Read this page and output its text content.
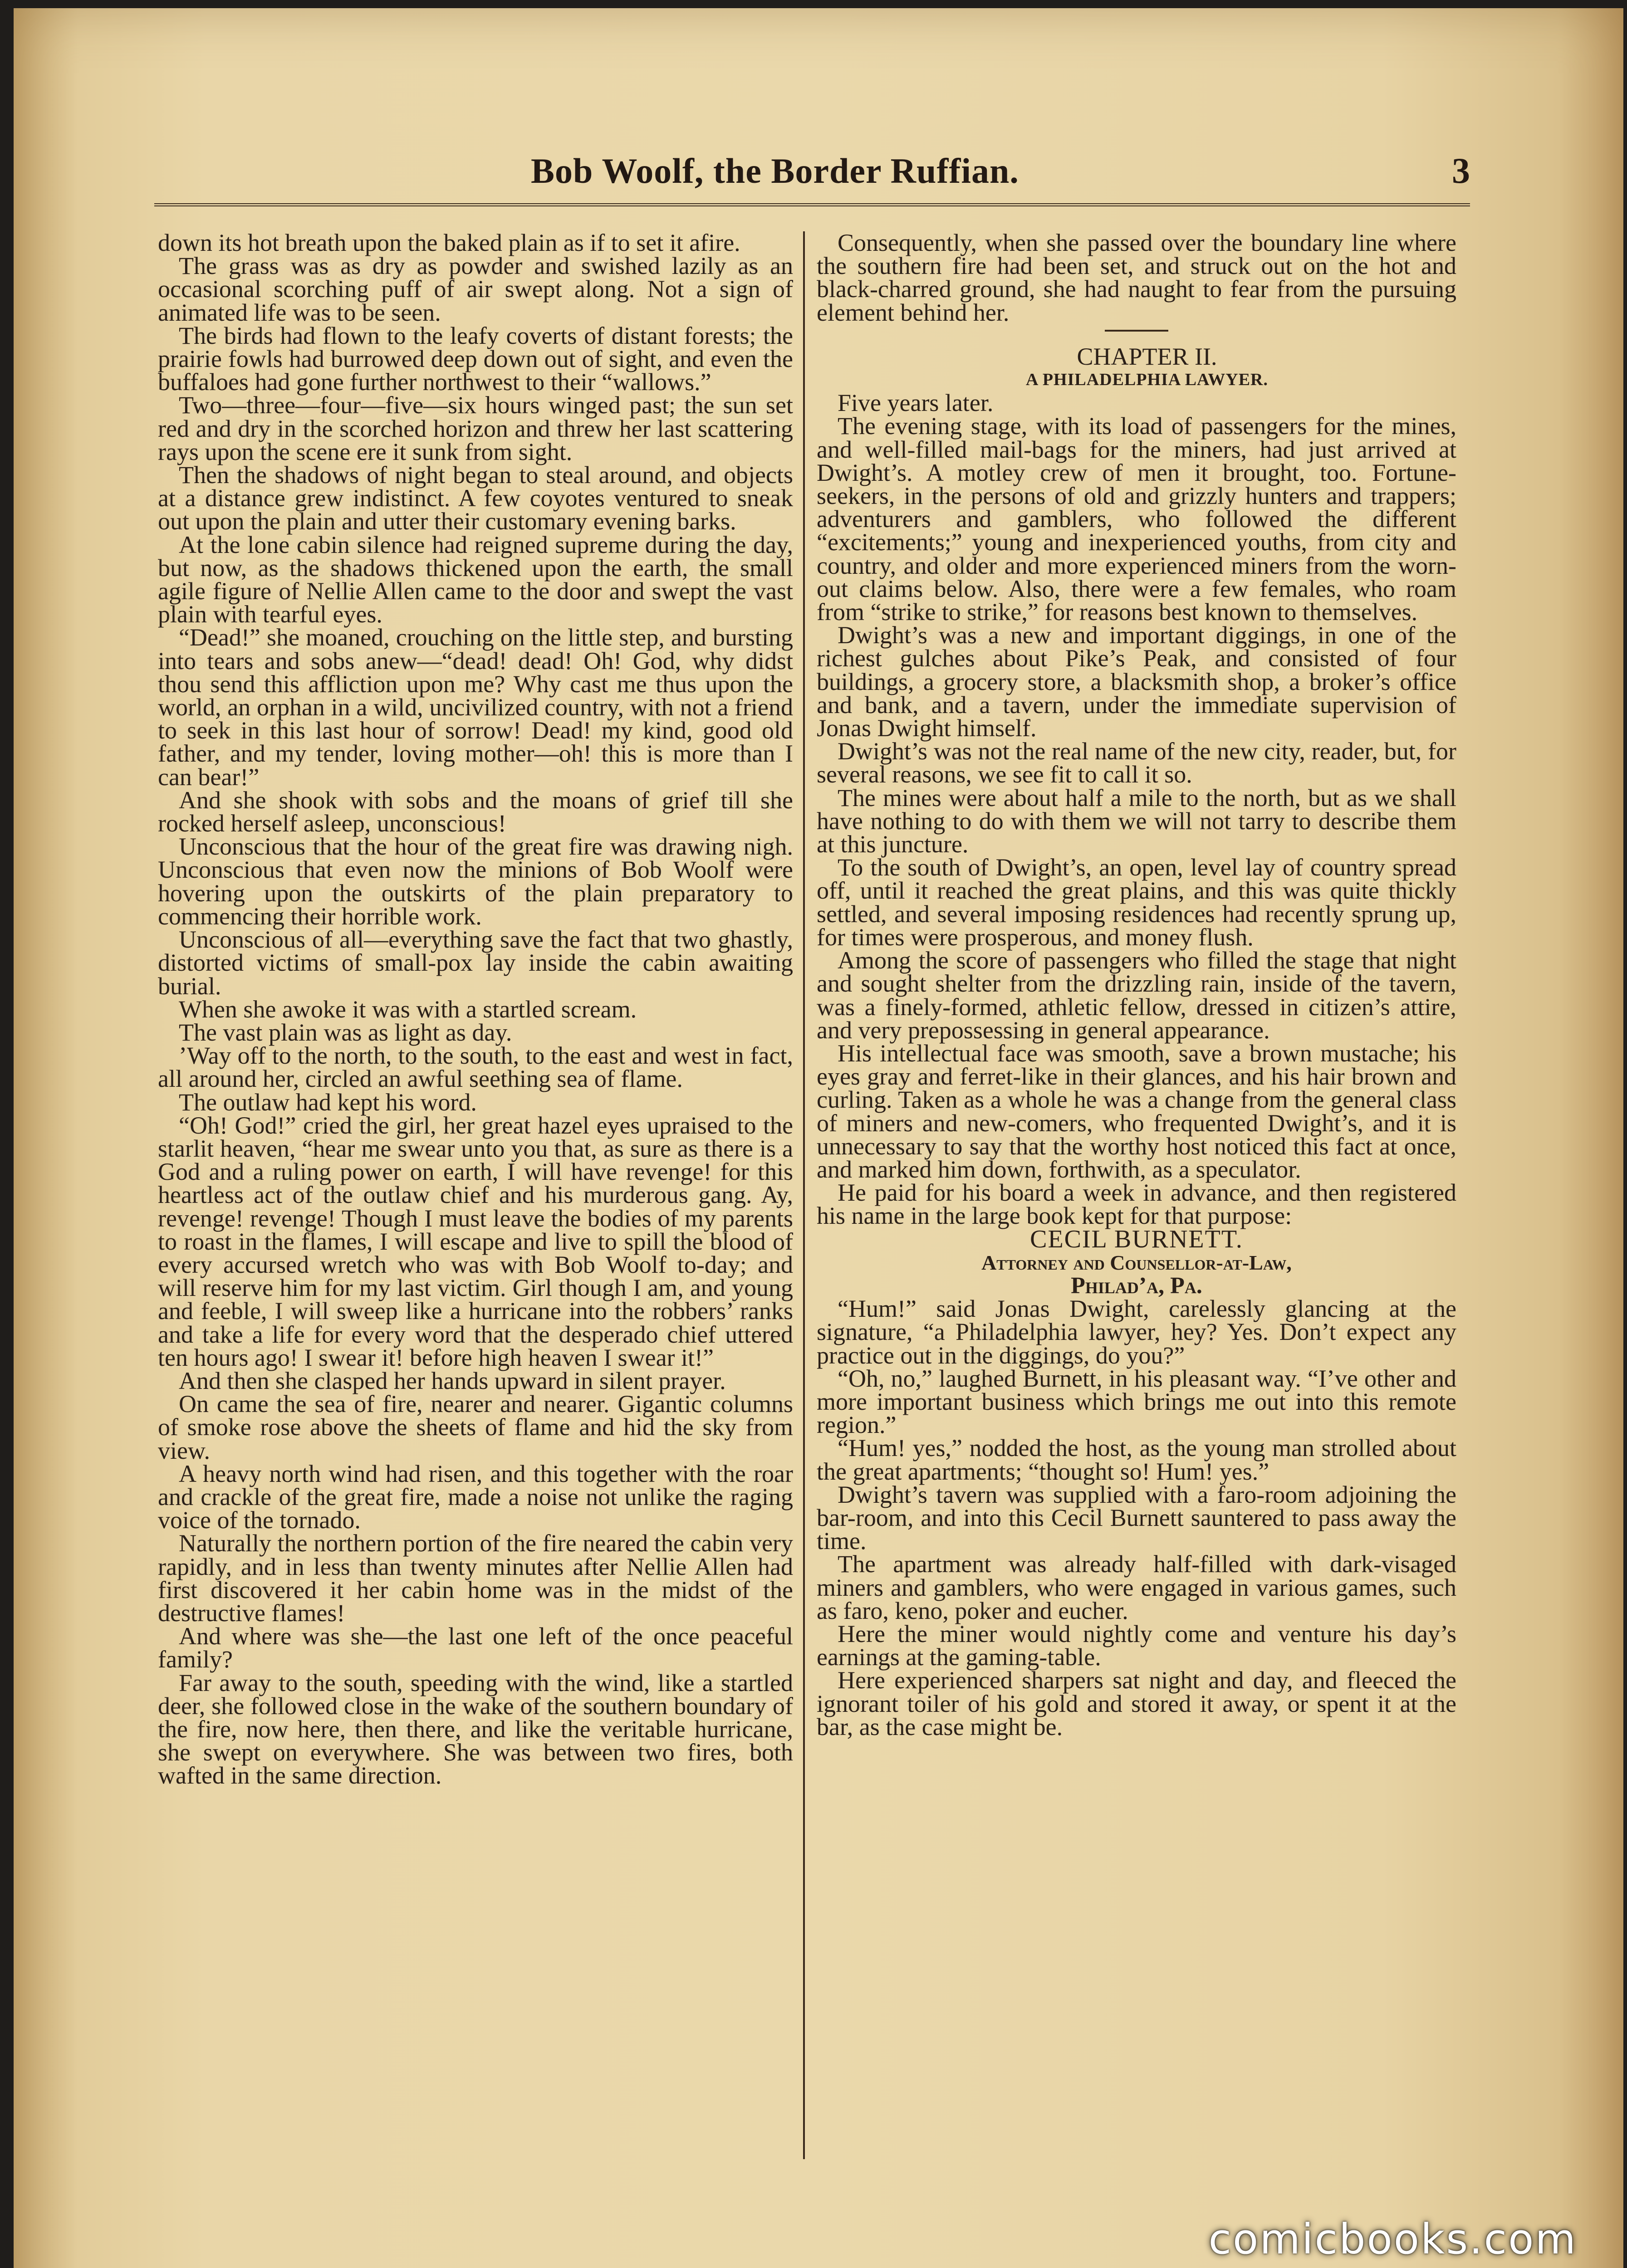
Bob Woolf, the Border Ruffian.	3

down its hot breath upon the baked plain as if to set it afire.

The grass was as dry as powder and swished lazily as an occasional scorching puff of air swept along. Not a sign of animated life was to be seen.

The birds had flown to the leafy coverts of distant forests; the prairie fowls had burrowed deep down out of sight, and even the buffaloes had gone further northwest to their “wallows.”

Two—three—four—five—six hours winged past; the sun set red and dry in the scorched horizon and threw her last scattering rays upon the scene ere it sunk from sight.

Then the shadows of night began to steal around, and objects at a distance grew indistinct. A few coyotes ventured to sneak out upon the plain and utter their customary evening barks.

At the lone cabin silence had reigned supreme during the day, but now, as the shadows thickened upon the earth, the small agile figure of Nellie Allen came to the door and swept the vast plain with tearful eyes.

“Dead!” she moaned, crouching on the little step, and bursting into tears and sobs anew—“dead! dead! Oh! God, why didst thou send this affliction upon me? Why cast me thus upon the world, an orphan in a wild, uncivilized country, with not a friend to seek in this last hour of sorrow! Dead! my kind, good old father, and my tender, loving mother—oh! this is more than I can bear!”

And she shook with sobs and the moans of grief till she rocked herself asleep, unconscious!

Unconscious that the hour of the great fire was drawing nigh. Unconscious that even now the minions of Bob Woolf were hovering upon the outskirts of the plain preparatory to commencing their horrible work.

Unconscious of all—everything save the fact that two ghastly, distorted victims of small-pox lay inside the cabin awaiting burial.

When she awoke it was with a startled scream.

The vast plain was as light as day.

’Way off to the north, to the south, to the east and west in fact, all around her, circled an awful seething sea of flame.

The outlaw had kept his word.

“Oh! God!” cried the girl, her great hazel eyes upraised to the starlit heaven, “hear me swear unto you that, as sure as there is a God and a ruling power on earth, I will have revenge! for this heartless act of the outlaw chief and his murderous gang. Ay, revenge! revenge! Though I must leave the bodies of my parents to roast in the flames, I will escape and live to spill the blood of every accursed wretch who was with Bob Woolf to-day; and will reserve him for my last victim. Girl though I am, and young and feeble, I will sweep like a hurricane into the robbers’ ranks and take a life for every word that the desperado chief uttered ten hours ago! I swear it! before high heaven I swear it!”

And then she clasped her hands upward in silent prayer.

On came the sea of fire, nearer and nearer. Gigantic columns of smoke rose above the sheets of flame and hid the sky from view.

A heavy north wind had risen, and this together with the roar and crackle of the great fire, made a noise not unlike the raging voice of the tornado.

Naturally the northern portion of the fire neared the cabin very rapidly, and in less than twenty minutes after Nellie Allen had first discovered it her cabin home was in the midst of the destructive flames!

And where was she—the last one left of the once peaceful family?

Far away to the south, speeding with the wind, like a startled deer, she followed close in the wake of the southern boundary of the fire, now here, then there, and like the veritable hurricane, she swept on everywhere. She was between two fires, both wafted in the same direction.

Consequently, when she passed over the boundary line where the southern fire had been set, and struck out on the hot and black-charred ground, she had naught to fear from the pursuing element behind her.

CHAPTER II.

A PHILADELPHIA LAWYER.

Five years later.

The evening stage, with its load of passengers for the mines, and well-filled mail-bags for the miners, had just arrived at Dwight’s. A motley crew of men it brought, too. Fortune-seekers, in the persons of old and grizzly hunters and trappers; adventurers and gamblers, who followed the different “excitements;” young and inexperienced youths, from city and country, and older and more experienced miners from the worn-out claims below. Also, there were a few females, who roam from “strike to strike,” for reasons best known to themselves.

Dwight’s was a new and important diggings, in one of the richest gulches about Pike’s Peak, and consisted of four buildings, a grocery store, a blacksmith shop, a broker’s office and bank, and a tavern, under the immediate supervision of Jonas Dwight himself.

Dwight’s was not the real name of the new city, reader, but, for several reasons, we see fit to call it so.

The mines were about half a mile to the north, but as we shall have nothing to do with them we will not tarry to describe them at this juncture.

To the south of Dwight’s, an open, level lay of country spread off, until it reached the great plains, and this was quite thickly settled, and several imposing residences had recently sprung up, for times were prosperous, and money flush.

Among the score of passengers who filled the stage that night and sought shelter from the drizzling rain, inside of the tavern, was a finely-formed, athletic fellow, dressed in citizen’s attire, and very prepossessing in general appearance.

His intellectual face was smooth, save a brown mustache; his eyes gray and ferret-like in their glances, and his hair brown and curling. Taken as a whole he was a change from the general class of miners and new-comers, who frequented Dwight’s, and it is unnecessary to say that the worthy host noticed this fact at once, and marked him down, forthwith, as a speculator.

He paid for his board a week in advance, and then registered his name in the large book kept for that purpose:

CECIL BURNETT.

Attorney and Counsellor-at-Law,

Philad’a, Pa.

“Hum!” said Jonas Dwight, carelessly glancing at the signature, “a Philadelphia lawyer, hey? Yes. Don’t expect any practice out in the diggings, do you?”

“Oh, no,” laughed Burnett, in his pleasant way. “I’ve other and more important business which brings me out into this remote region.”

“Hum! yes,” nodded the host, as the young man strolled about the great apartments; “thought so! Hum! yes.”

Dwight’s tavern was supplied with a faro-room adjoining the bar-room, and into this Cecil Burnett sauntered to pass away the time.

The apartment was already half-filled with dark-visaged miners and gamblers, who were engaged in various games, such as faro, keno, poker and eucher.

Here the miner would nightly come and venture his day’s earnings at the gaming-table.

Here experienced sharpers sat night and day, and fleeced the ignorant toiler of his gold and stored it away, or spent it at the bar, as the case might be.

comicbooks.com
